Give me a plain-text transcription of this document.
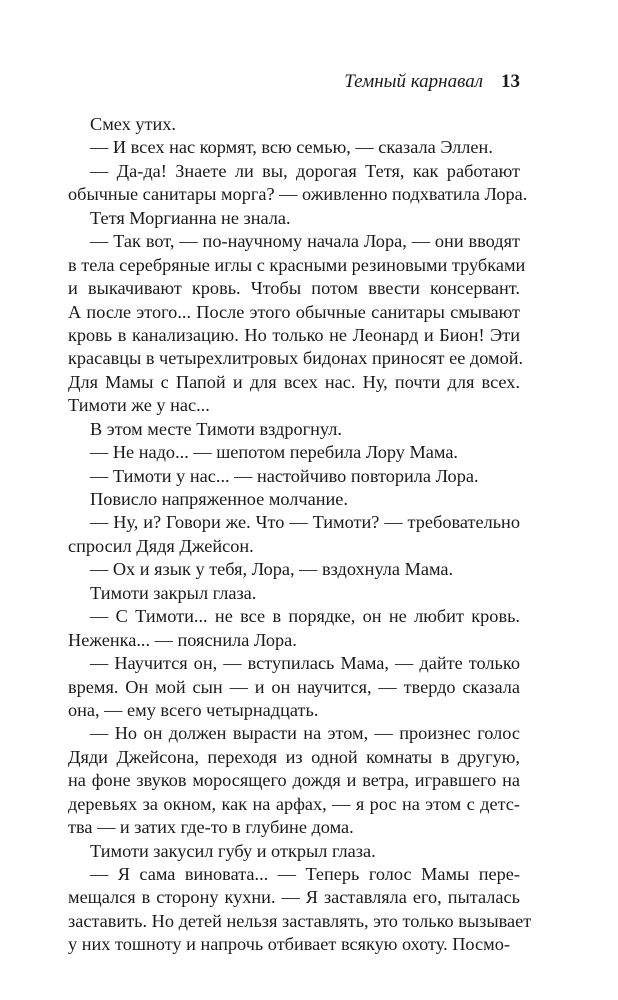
Темный карнавал 13
Смех утих.
— И всех нас кормят, всю семью, — сказала Эллен.
— Да-да! Знаете ли вы, дорогая Тетя, как работают
обычные санитары морга? — оживленно подхватила Лора.
Тетя Моргианна не знала.
— Так вот, — по-научному начала Лора, — они вводят
в тела серебряные иглы с красными резиновыми трубками
и выкачивают кровь. Чтобы потом ввести консервант.
А после этого... После этого обычные санитары смывают
кровь в канализацию. Но только не Леонард и Бион! Эти
красавцы в четырехлитровых бидонах приносят ее домой.
Для Мамы с Папой и для всех нас. Ну, почти для всех.
Тимоти же у нас...
В этом месте Тимоти вздрогнул.
— Не надо... — шепотом перебила Лору Мама.
— Тимоти у нас... — настойчиво повторила Лора.
Повисло напряженное молчание.
— Ну, и? Говори же. Что — Тимоти? — требовательно
спросил Дядя Джейсон.
— Ох и язык у тебя, Лора, — вздохнула Мама.
Тимоти закрыл глаза.
— С Тимоти... не все в порядке, он не любит кровь.
Неженка... — пояснила Лора.
— Научится он, — вступилась Мама, — дайте только
время. Он мой сын — и он научится, — твердо сказала
она, — ему всего четырнадцать.
— Но он должен вырасти на этом, — произнес голос
Дяди Джейсона, переходя из одной комнаты в другую,
на фоне звуков моросящего дождя и ветра, игравшего на
деревьях за окном, как на арфах, — я рос на этом с детс-
тва — и затих где-то в глубине дома.
Тимоти закусил губу и открыл глаза.
— Я сама виновата... — Теперь голос Мамы пере-
мещался в сторону кухни. — Я заставляла его, пыталась
заставить. Но детей нельзя заставлять, это только вызывает
у них тошноту и напрочь отбивает всякую охоту. Посмо-
